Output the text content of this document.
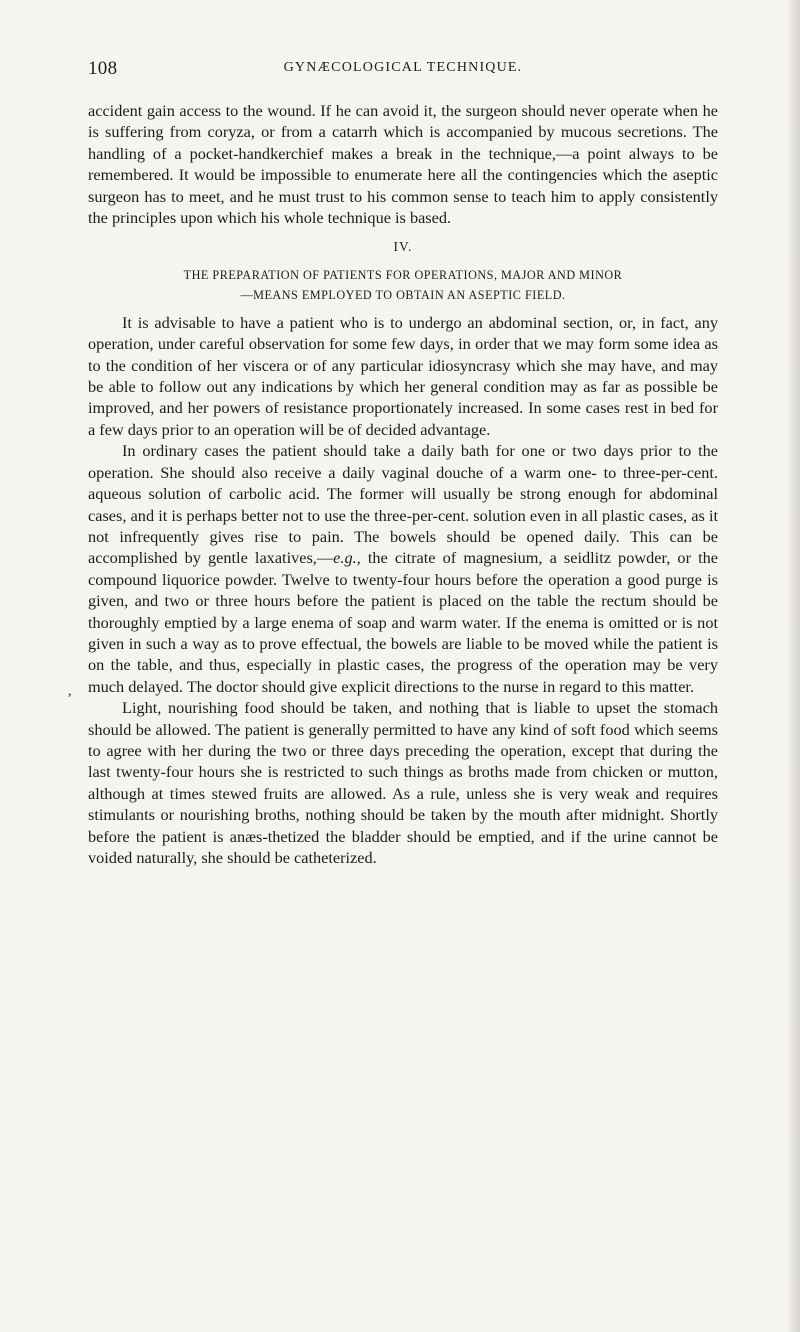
108	GYNÆCOLOGICAL TECHNIQUE.
,

accident gain access to the wound. If he can avoid it, the surgeon should never operate when he is suffering from coryza, or from a catarrh which is accompanied by mucous secretions. The handling of a pocket-handkerchief makes a break in the technique,—a point always to be remembered. It would be impossible to enumerate here all the contingencies which the aseptic surgeon has to meet, and he must trust to his common sense to teach him to apply consistently the principles upon which his whole technique is based.

IV.
THE PREPARATION OF PATIENTS FOR OPERATIONS, MAJOR AND MINOR
—MEANS EMPLOYED TO OBTAIN AN ASEPTIC FIELD.

It is advisable to have a patient who is to undergo an abdominal section, or, in fact, any operation, under careful observation for some few days, in order that we may form some idea as to the condition of her viscera or of any particular idiosyncrasy which she may have, and may be able to follow out any indications by which her general condition may as far as possible be improved, and her powers of resistance proportionately increased. In some cases rest in bed for a few days prior to an operation will be of decided advantage.

In ordinary cases the patient should take a daily bath for one or two days prior to the operation. She should also receive a daily vaginal douche of a warm one- to three-per-cent. aqueous solution of carbolic acid. The former will usually be strong enough for abdominal cases, and it is perhaps better not to use the three-per-cent. solution even in all plastic cases, as it not infrequently gives rise to pain. The bowels should be opened daily. This can be accomplished by gentle laxatives,—e.g., the citrate of magnesium, a seidlitz powder, or the compound liquorice powder. Twelve to twenty-four hours before the operation a good purge is given, and two or three hours before the patient is placed on the table the rectum should be thoroughly emptied by a large enema of soap and warm water. If the enema is omitted or is not given in such a way as to prove effectual, the bowels are liable to be moved while the patient is on the table, and thus, especially in plastic cases, the progress of the operation may be very much delayed. The doctor should give explicit directions to the nurse in regard to this matter.

Light, nourishing food should be taken, and nothing that is liable to upset the stomach should be allowed. The patient is generally permitted to have any kind of soft food which seems to agree with her during the two or three days preceding the operation, except that during the last twenty-four hours she is restricted to such things as broths made from chicken or mutton, although at times stewed fruits are allowed. As a rule, unless she is very weak and requires stimulants or nourishing broths, nothing should be taken by the mouth after midnight. Shortly before the patient is anæs-thetized the bladder should be emptied, and if the urine cannot be voided naturally, she should be catheterized.
